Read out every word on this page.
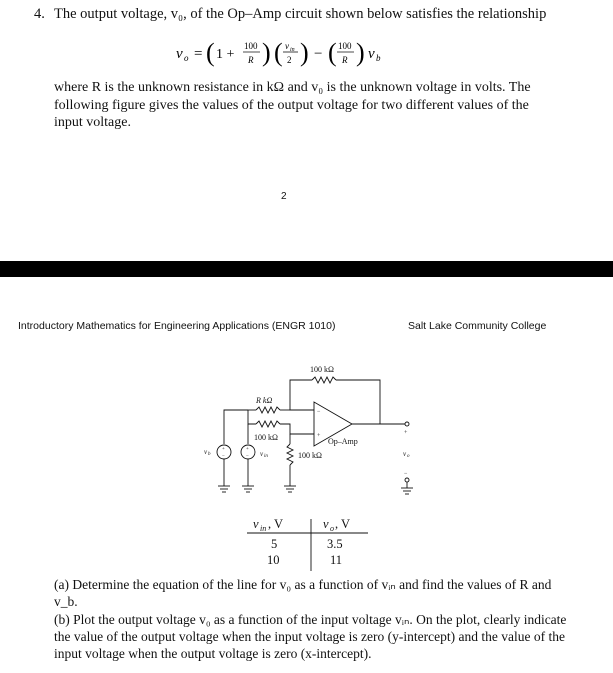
4. The output voltage, v₀, of the Op–Amp circuit shown below satisfies the relationship
v o = ( 1 +
100
R ) ( v in
2 ) − ( 100
R ) v b
where R is the unknown resistance in kΩ and v₀ is the unknown voltage in volts. The following figure gives the values of the output voltage for two different values of the input voltage.
2
Introductory Mathematics for Engineering Applications (ENGR 1010)	Salt Lake Community College
100 kΩ
R kΩ
100 kΩ
v in
v b
Op–Amp
100 kΩ	v o
+
−
−
+
+
−
+
−
v in , V	v o , V
5	3.5
10	11
(a) Determine the equation of the line for v₀ as a function of vᵢₙ and find the values of R and v_b.
(b) Plot the output voltage v₀ as a function of the input voltage vᵢₙ. On the plot, clearly indicate the value of the output voltage when the input voltage is zero (y-intercept) and the value of the input voltage when the output voltage is zero (x-intercept).
